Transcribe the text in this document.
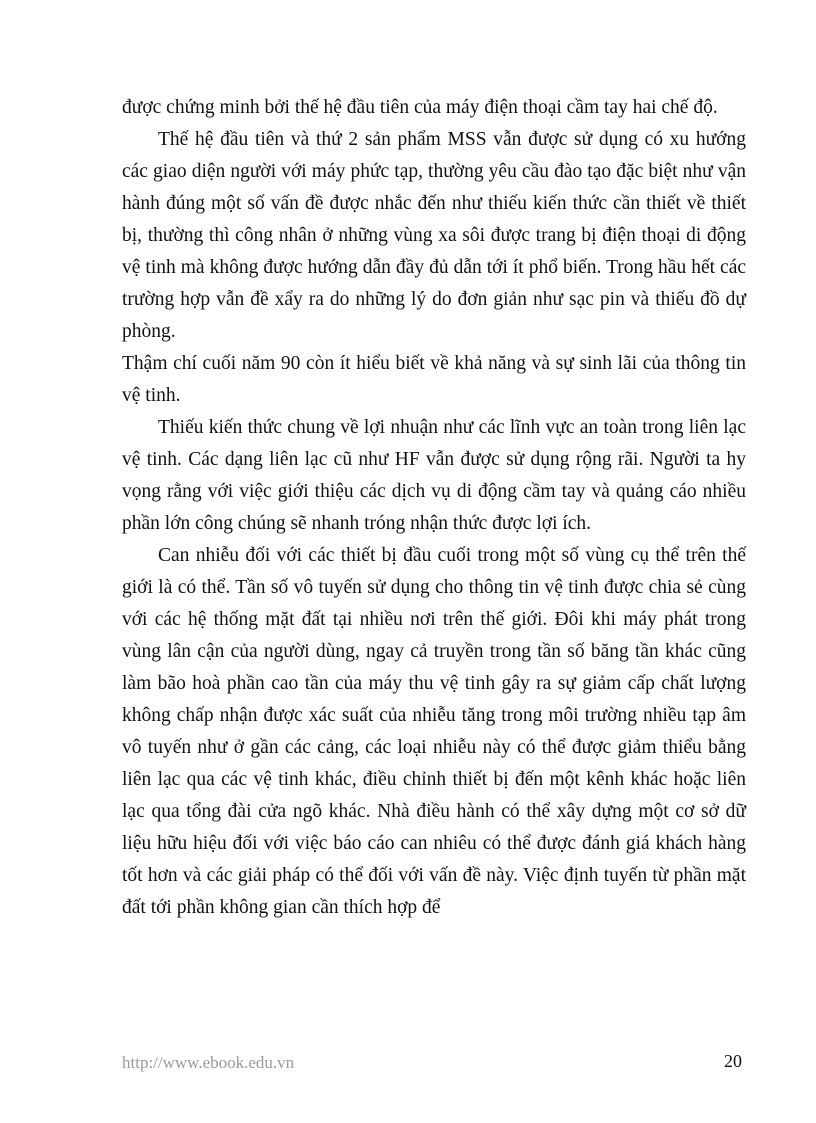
được chứng minh bởi thế hệ đầu tiên của máy điện thoại cầm tay hai chế độ.

Thế hệ đầu tiên và thứ 2 sản phẩm MSS vẫn được sử dụng có xu hướng các giao diện người với máy phức tạp, thường yêu cầu đào tạo đặc biệt như vận hành đúng một số vấn đề được nhắc đến như thiếu kiến thức cần thiết về thiết bị, thường thì công nhân ở những vùng xa sôi được trang bị điện thoại di động vệ tinh mà không được hướng dẫn đầy đủ dẫn tới ít phổ biến. Trong hầu hết các trường hợp vẫn đề xẩy ra do những lý do đơn giản như sạc pin và thiếu đồ dự phòng.

Thậm chí cuối năm 90 còn ít hiểu biết về khả năng và sự sinh lãi của thông tin vệ tinh.

Thiếu kiến thức chung về lợi nhuận như các lĩnh vực an toàn trong liên lạc vệ tinh. Các dạng liên lạc cũ như HF vẫn được sử dụng rộng rãi. Người ta hy vọng rằng với việc giới thiệu các dịch vụ di động cầm tay và quảng cáo nhiều phần lớn công chúng sẽ nhanh tróng nhận thức được lợi ích.

Can nhiễu đối với các thiết bị đầu cuối trong một số vùng cụ thể trên thế giới là có thể. Tần số vô tuyến sử dụng cho thông tin vệ tinh được chia sẻ cùng với các hệ thống mặt đất tại nhiều nơi trên thế giới. Đôi khi máy phát trong vùng lân cận của người dùng, ngay cả truyền trong tần số băng tần khác cũng làm bão hoà phần cao tần của máy thu vệ tinh gây ra sự giảm cấp chất lượng không chấp nhận được xác suất của nhiễu tăng trong môi trường nhiều tạp âm vô tuyến như ở gần các cảng, các loại nhiễu này có thể được giảm thiểu bằng liên lạc qua các vệ tinh khác, điều chỉnh thiết bị đến một kênh khác hoặc liên lạc qua tổng đài cửa ngõ khác. Nhà điều hành có thể xây dựng một cơ sở dữ liệu hữu hiệu đối với việc báo cáo can nhiêu có thể được đánh giá khách hàng tốt hơn và các giải pháp có thể đối với vấn đề này. Việc định tuyến từ phần mặt đất tới phần không gian cần thích hợp để

http://www.ebook.edu.vn	20
